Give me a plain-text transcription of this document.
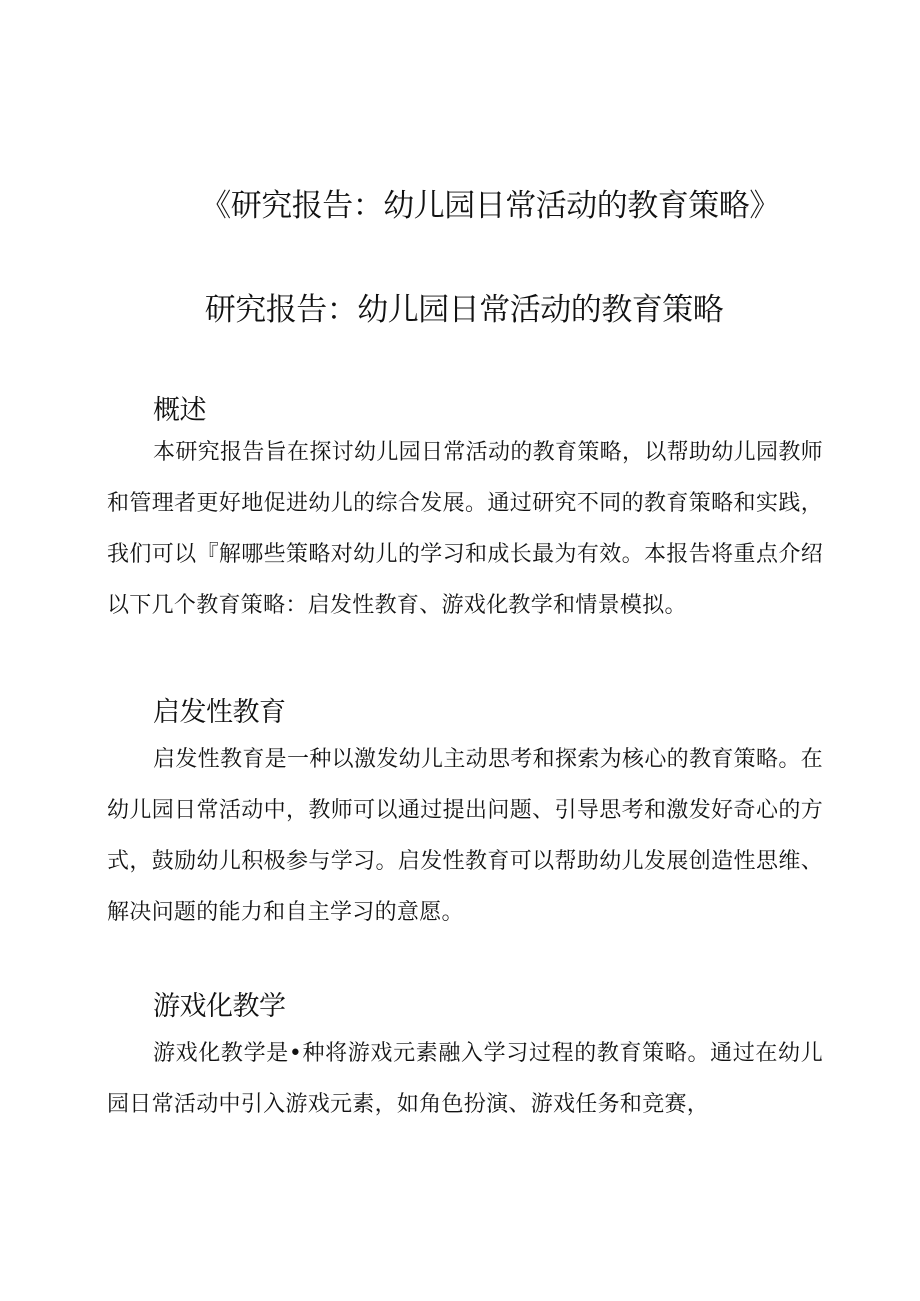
《研究报告：幼儿园日常活动的教育策略》
研究报告：幼儿园日常活动的教育策略
概述

本研究报告旨在探讨幼儿园日常活动的教育策略，以帮助幼儿园教师和管理者更好地促进幼儿的综合发展。通过研究不同的教育策略和实践，我们可以『解哪些策略对幼儿的学习和成长最为有效。本报告将重点介绍以下几个教育策略：启发性教育、游戏化教学和情景模拟。

启发性教育

启发性教育是一种以激发幼儿主动思考和探索为核心的教育策略。在幼儿园日常活动中，教师可以通过提出问题、引导思考和激发好奇心的方式，鼓励幼儿积极参与学习。启发性教育可以帮助幼儿发展创造性思维、解决问题的能力和自主学习的意愿。

游戏化教学

游戏化教学是•种将游戏元素融入学习过程的教育策略。通过在幼儿园日常活动中引入游戏元素，如角色扮演、游戏任务和竞赛，
